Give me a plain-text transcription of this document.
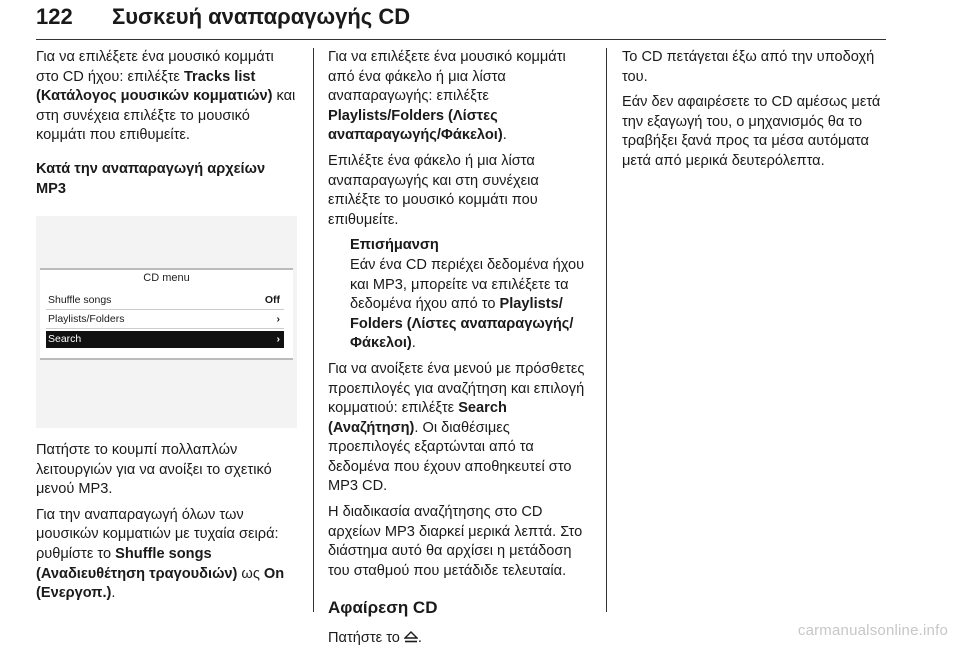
122 Συσκευή αναπαραγωγής CD

Για να επιλέξετε ένα μουσικό κομμάτι στο CD ήχου: επιλέξτε Tracks list (Κατάλογος μουσικών κομματιών) και στη συνέχεια επιλέξτε το μουσικό κομμάτι που επιθυμείτε.

Κατά την αναπαραγωγή αρχείων MP3

CD menu
Shuffle songs	Off
Playlists/Folders	›
Search	›

Πατήστε το κουμπί πολλαπλών λειτουργιών για να ανοίξει το σχετικό μενού MP3.

Για την αναπαραγωγή όλων των μουσικών κομματιών με τυχαία σειρά: ρυθμίστε το Shuffle songs (Αναδιευθέτηση τραγουδιών) ως On (Ενεργοπ.).

Για να επιλέξετε ένα μουσικό κομμάτι από ένα φάκελο ή μια λίστα αναπαραγωγής: επιλέξτε Playlists/Folders (Λίστες αναπαραγωγής/Φάκελοι).

Επιλέξτε ένα φάκελο ή μια λίστα αναπαραγωγής και στη συνέχεια επιλέξτε το μουσικό κομμάτι που επιθυμείτε.

Επισήμανση
Εάν ένα CD περιέχει δεδομένα ήχου και MP3, μπορείτε να επιλέξετε τα δεδομένα ήχου από το Playlists/ Folders (Λίστες αναπαραγωγής/ Φάκελοι).

Για να ανοίξετε ένα μενού με πρόσθετες προεπιλογές για αναζήτηση και επιλογή κομματιού: επιλέξτε Search (Αναζήτηση). Οι διαθέσιμες προεπιλογές εξαρτώνται από τα δεδομένα που έχουν αποθηκευτεί στο MP3 CD.

Η διαδικασία αναζήτησης στο CD αρχείων MP3 διαρκεί μερικά λεπτά. Στο διάστημα αυτό θα αρχίσει η μετάδοση του σταθμού που μετάδιδε τελευταία.

Αφαίρεση CD

Πατήστε το .

Το CD πετάγεται έξω από την υποδοχή του.

Εάν δεν αφαιρέσετε το CD αμέσως μετά την εξαγωγή του, ο μηχανισμός θα το τραβήξει ξανά προς τα μέσα αυτόματα μετά από μερικά δευτερόλεπτα.

carmanualsonline.info
